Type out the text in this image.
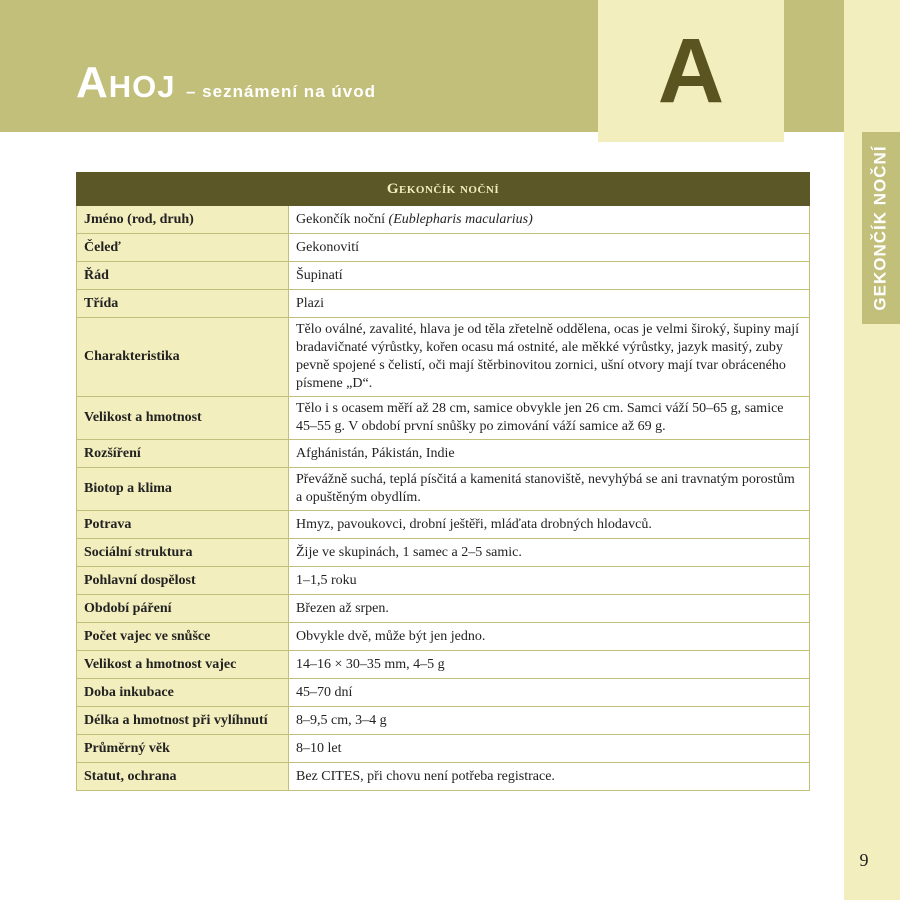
Ahoj – seznámení na úvod	A
GEKONČÍK NOČNÍ
Gekončík noční	
Jméno (rod, druh)	Gekončík noční (Eublepharis macularius)
Čeleď	Gekonovití
Řád	Šupinatí
Třída	Plazi
Charakteristika	Tělo oválné, zavalité, hlava je od těla zřetelně oddělena, ocas je velmi široký, šupiny mají bradavičnaté výrůstky, kořen ocasu má ostnité, ale měkké výrůstky, jazyk masitý, zuby pevně spojené s čelistí, oči mají štěrbinovitou zornici, ušní otvory mají tvar obráceného písmene „D“.
Velikost a hmotnost	Tělo i s ocasem měří až 28 cm, samice obvykle jen 26 cm. Samci váží 50–65 g, samice 45–55 g. V období první snůšky po zimování váží samice až 69 g.
Rozšíření	Afghánistán, Pákistán, Indie
Biotop a klima	Převážně suchá, teplá písčitá a kamenitá stanoviště, nevyhýbá se ani travnatým porostům a opuštěným obydlím.
Potrava	Hmyz, pavoukovci, drobní ještěři, mláďata drobných hlodavců.
Sociální struktura	Žije ve skupinách, 1 samec a 2–5 samic.
Pohlavní dospělost	1–1,5 roku
Období páření	Březen až srpen.
Počet vajec ve snůšce	Obvykle dvě, může být jen jedno.
Velikost a hmotnost vajec	14–16 × 30–35 mm, 4–5 g
Doba inkubace	45–70 dní
Délka a hmotnost při vylíhnutí	8–9,5 cm, 3–4 g
Průměrný věk	8–10 let
Statut, ochrana	Bez CITES, při chovu není potřeba registrace.
9
